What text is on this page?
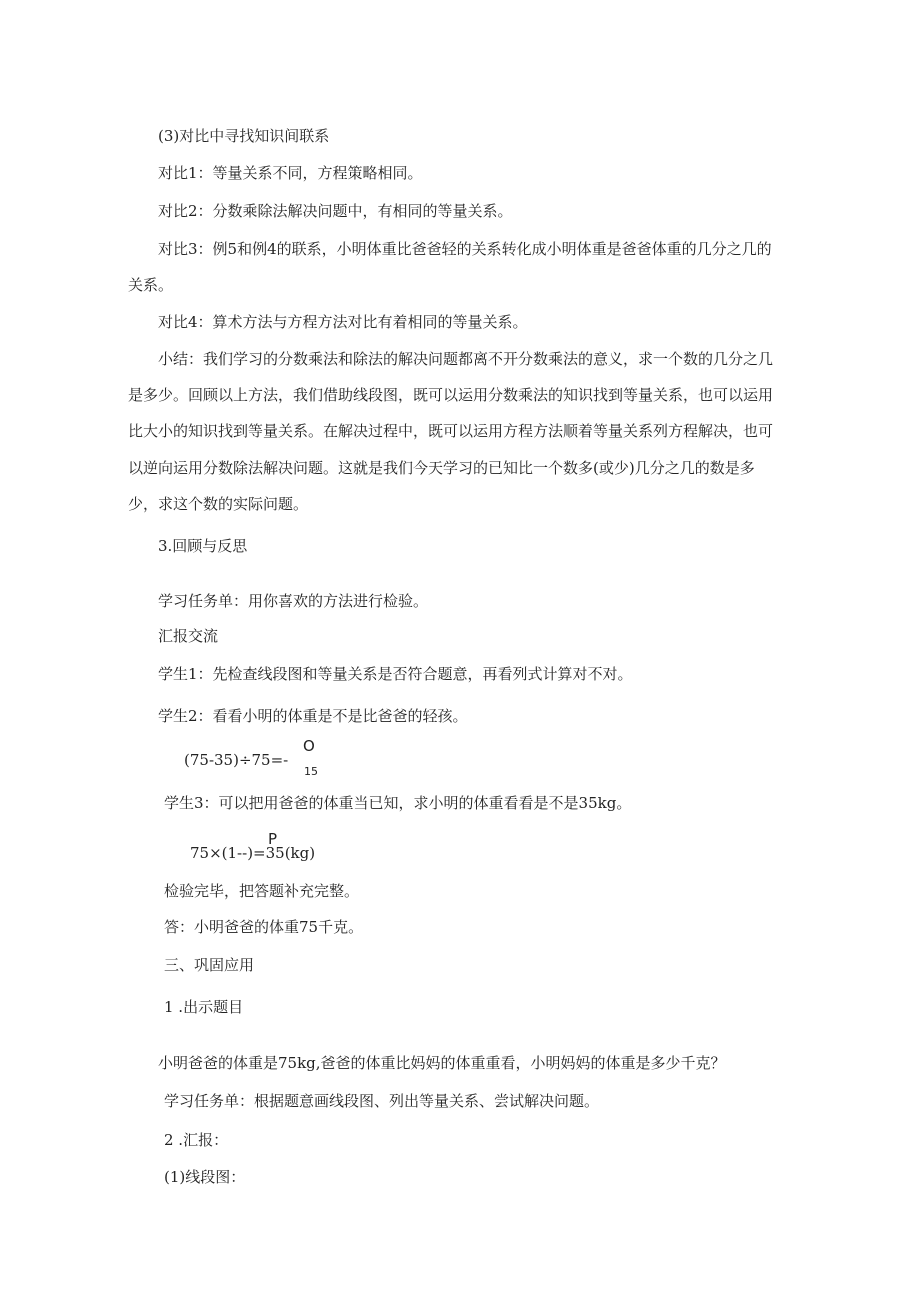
(3)对比中寻找知识间联系
对比1：等量关系不同，方程策略相同。
对比2：分数乘除法解决问题中，有相同的等量关系。
对比3：例5和例4的联系，小明体重比爸爸轻的关系转化成小明体重是爸爸体重的几分之几的
关系。
对比4：算术方法与方程方法对比有着相同的等量关系。
小结：我们学习的分数乘法和除法的解决问题都离不开分数乘法的意义，求一个数的几分之几
是多少。回顾以上方法，我们借助线段图，既可以运用分数乘法的知识找到等量关系，也可以运用
比大小的知识找到等量关系。在解决过程中，既可以运用方程方法顺着等量关系列方程解决，也可
以逆向运用分数除法解决问题。这就是我们今天学习的已知比一个数多(或少)几分之几的数是多
少，求这个数的实际问题。
3.回顾与反思
学习任务单：用你喜欢的方法进行检验。
汇报交流
学生1：先检查线段图和等量关系是否符合题意，再看列式计算对不对。
学生2：看看小明的体重是不是比爸爸的轻孩。
O
(75-35)÷75=-
15
学生3：可以把用爸爸的体重当已知，求小明的体重看看是不是35kg。
P
75×(1--)=35(kg)
检验完毕，把答题补充完整。
答：小明爸爸的体重75千克。
三、巩固应用
1 .出示题目
小明爸爸的体重是75kg,爸爸的体重比妈妈的体重重看，小明妈妈的体重是多少千克？
学习任务单：根据题意画线段图、列出等量关系、尝试解决问题。
2 .汇报：
(1)线段图：
